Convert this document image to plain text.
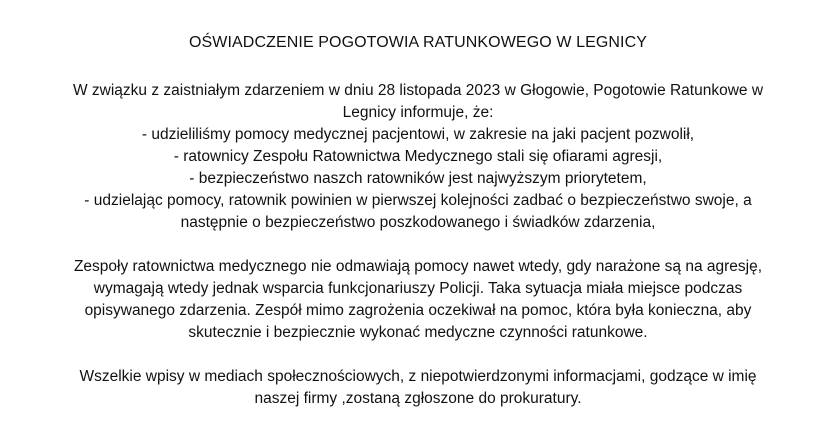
OŚWIADCZENIE POGOTOWIA RATUNKOWEGO W LEGNICY

W związku z zaistniałym zdarzeniem w dniu 28 listopada 2023 w Głogowie, Pogotowie Ratunkowe w
Legnicy informuje, że:
- udzieliliśmy pomocy medycznej pacjentowi, w zakresie na jaki pacjent pozwolił,
- ratownicy Zespołu Ratownictwa Medycznego stali się ofiarami agresji,
- bezpieczeństwo naszch ratowników jest najwyższym priorytetem,
- udzielając pomocy, ratownik powinien w pierwszej kolejności zadbać o bezpieczeństwo swoje, a
następnie o bezpieczeństwo poszkodowanego i świadków zdarzenia,

Zespoły ratownictwa medycznego nie odmawiają pomocy nawet wtedy, gdy narażone są na agresję,
wymagają wtedy jednak wsparcia funkcjonariuszy Policji. Taka sytuacja miała miejsce podczas
opisywanego zdarzenia. Zespół mimo zagrożenia oczekiwał na pomoc, która była konieczna, aby
skutecznie i bezpiecznie wykonać medyczne czynności ratunkowe.

Wszelkie wpisy w mediach społecznościowych, z niepotwierdzonymi informacjami, godzące w imię
naszej firmy ,zostaną zgłoszone do prokuratury.
